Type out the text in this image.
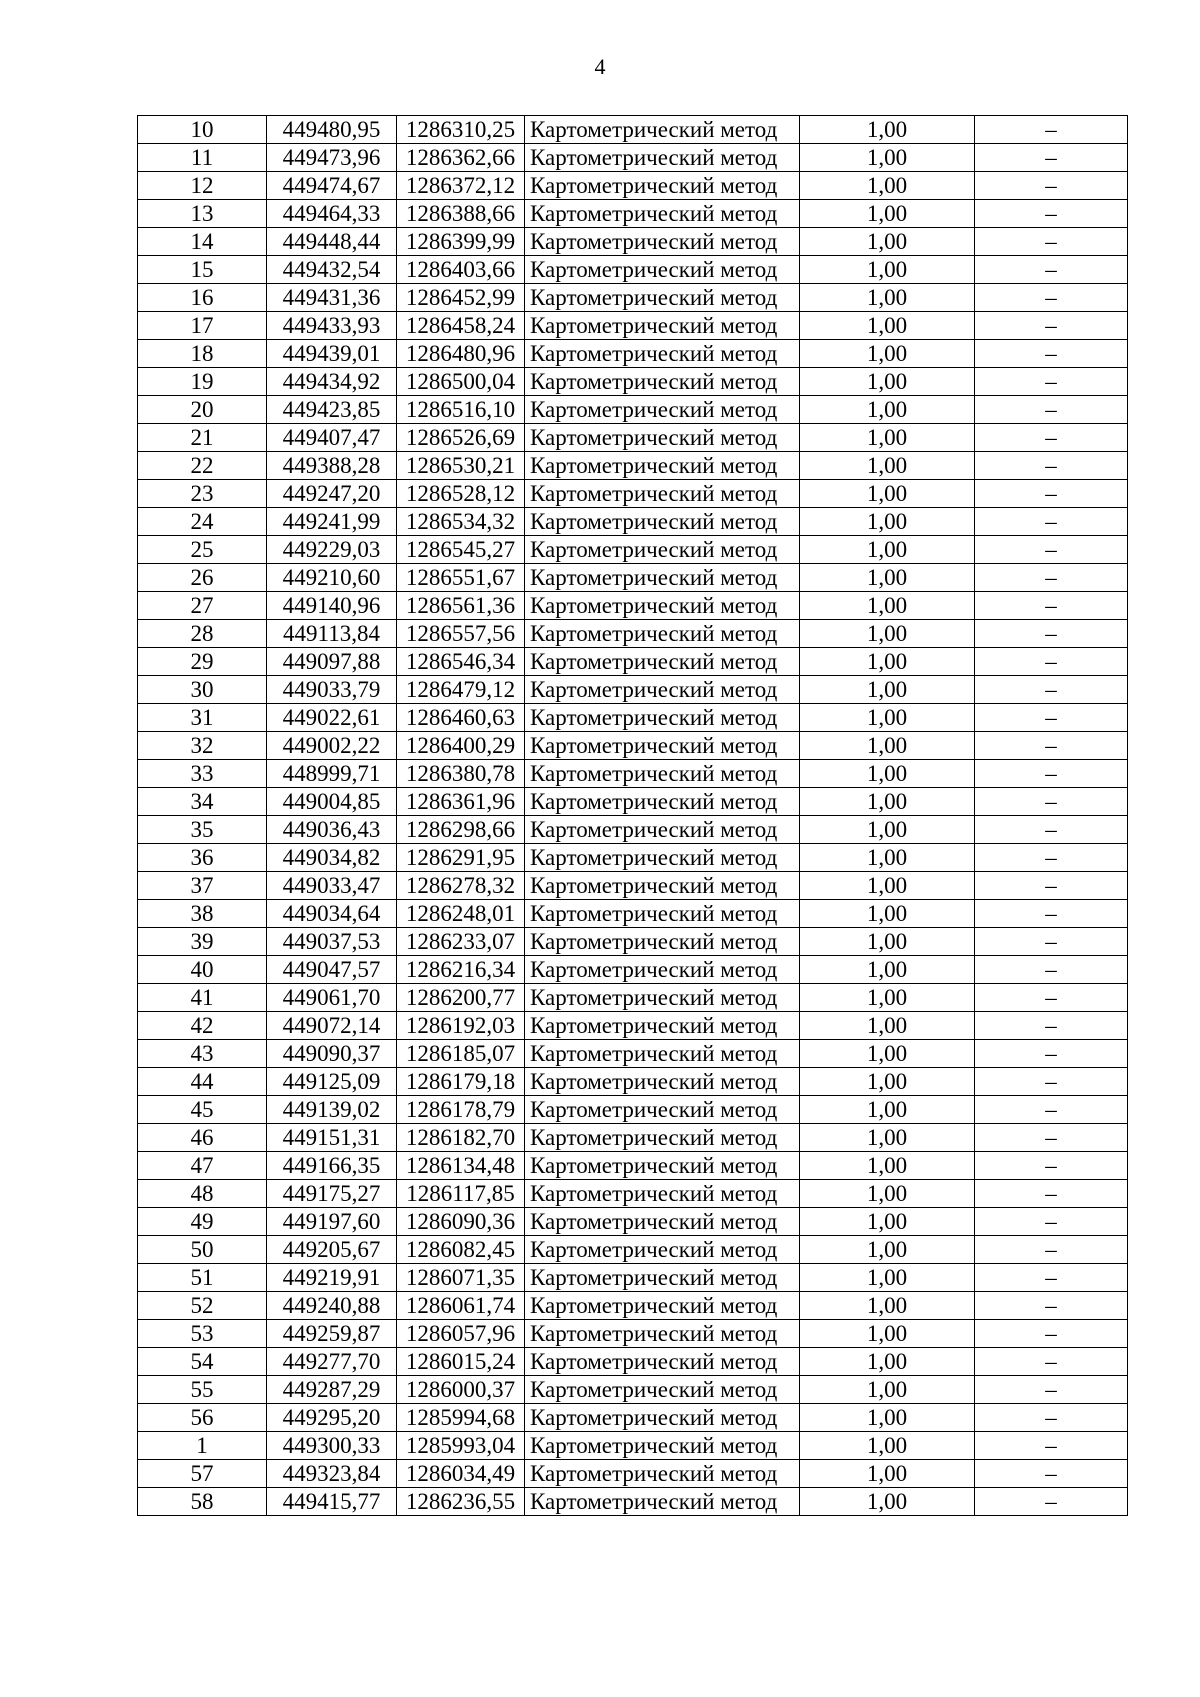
4
10	449480,95	1286310,25	Картометрический метод	1,00	–
11	449473,96	1286362,66	Картометрический метод	1,00	–
12	449474,67	1286372,12	Картометрический метод	1,00	–
13	449464,33	1286388,66	Картометрический метод	1,00	–
14	449448,44	1286399,99	Картометрический метод	1,00	–
15	449432,54	1286403,66	Картометрический метод	1,00	–
16	449431,36	1286452,99	Картометрический метод	1,00	–
17	449433,93	1286458,24	Картометрический метод	1,00	–
18	449439,01	1286480,96	Картометрический метод	1,00	–
19	449434,92	1286500,04	Картометрический метод	1,00	–
20	449423,85	1286516,10	Картометрический метод	1,00	–
21	449407,47	1286526,69	Картометрический метод	1,00	–
22	449388,28	1286530,21	Картометрический метод	1,00	–
23	449247,20	1286528,12	Картометрический метод	1,00	–
24	449241,99	1286534,32	Картометрический метод	1,00	–
25	449229,03	1286545,27	Картометрический метод	1,00	–
26	449210,60	1286551,67	Картометрический метод	1,00	–
27	449140,96	1286561,36	Картометрический метод	1,00	–
28	449113,84	1286557,56	Картометрический метод	1,00	–
29	449097,88	1286546,34	Картометрический метод	1,00	–
30	449033,79	1286479,12	Картометрический метод	1,00	–
31	449022,61	1286460,63	Картометрический метод	1,00	–
32	449002,22	1286400,29	Картометрический метод	1,00	–
33	448999,71	1286380,78	Картометрический метод	1,00	–
34	449004,85	1286361,96	Картометрический метод	1,00	–
35	449036,43	1286298,66	Картометрический метод	1,00	–
36	449034,82	1286291,95	Картометрический метод	1,00	–
37	449033,47	1286278,32	Картометрический метод	1,00	–
38	449034,64	1286248,01	Картометрический метод	1,00	–
39	449037,53	1286233,07	Картометрический метод	1,00	–
40	449047,57	1286216,34	Картометрический метод	1,00	–
41	449061,70	1286200,77	Картометрический метод	1,00	–
42	449072,14	1286192,03	Картометрический метод	1,00	–
43	449090,37	1286185,07	Картометрический метод	1,00	–
44	449125,09	1286179,18	Картометрический метод	1,00	–
45	449139,02	1286178,79	Картометрический метод	1,00	–
46	449151,31	1286182,70	Картометрический метод	1,00	–
47	449166,35	1286134,48	Картометрический метод	1,00	–
48	449175,27	1286117,85	Картометрический метод	1,00	–
49	449197,60	1286090,36	Картометрический метод	1,00	–
50	449205,67	1286082,45	Картометрический метод	1,00	–
51	449219,91	1286071,35	Картометрический метод	1,00	–
52	449240,88	1286061,74	Картометрический метод	1,00	–
53	449259,87	1286057,96	Картометрический метод	1,00	–
54	449277,70	1286015,24	Картометрический метод	1,00	–
55	449287,29	1286000,37	Картометрический метод	1,00	–
56	449295,20	1285994,68	Картометрический метод	1,00	–
1	449300,33	1285993,04	Картометрический метод	1,00	–
57	449323,84	1286034,49	Картометрический метод	1,00	–
58	449415,77	1286236,55	Картометрический метод	1,00	–
